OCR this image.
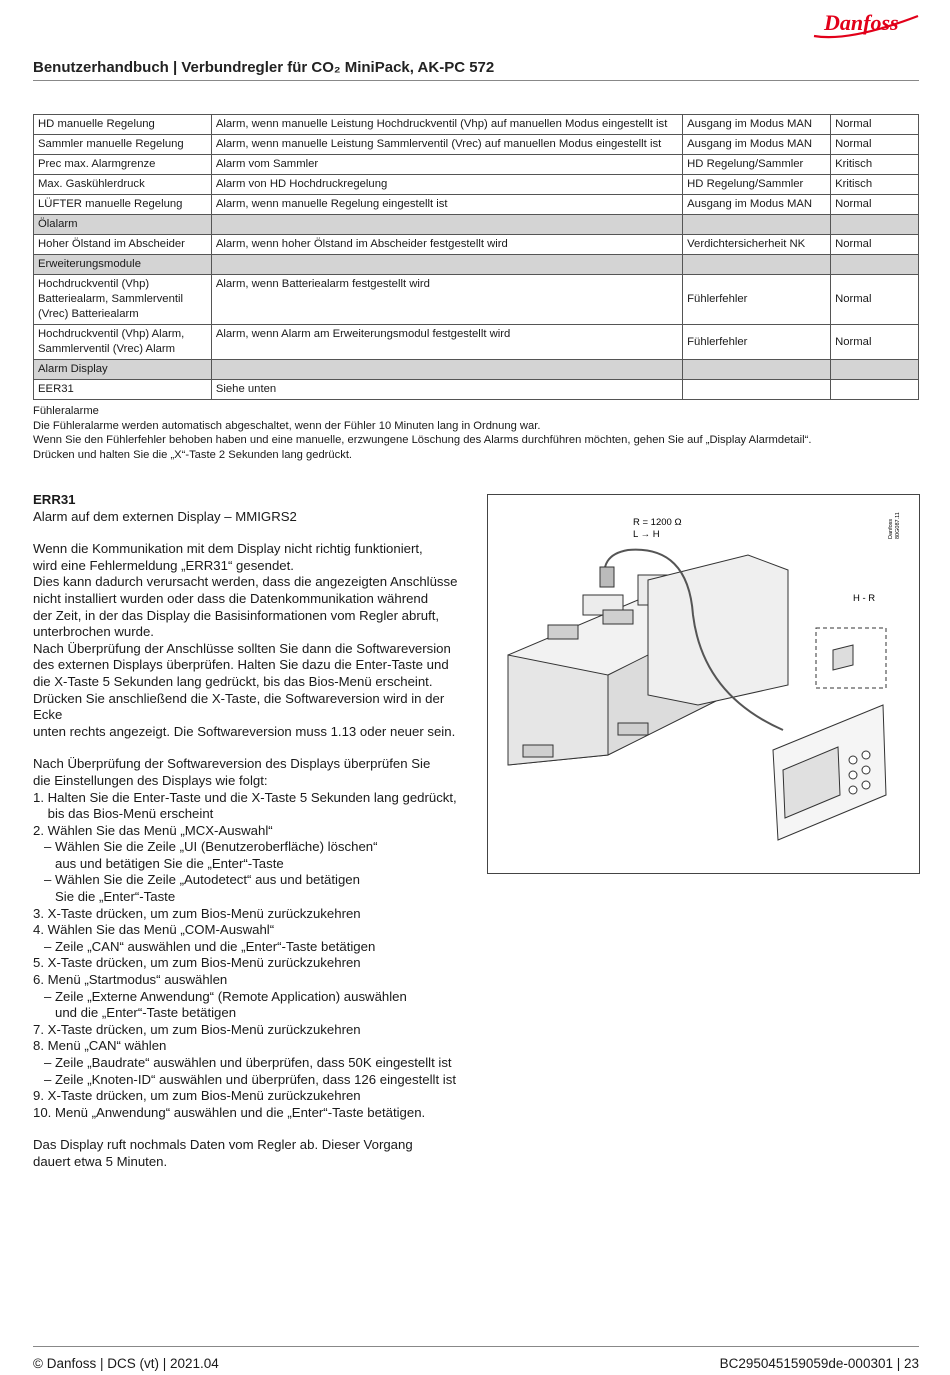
Danfoss
Benutzerhandbuch | Verbundregler für CO₂ MiniPack, AK-PC 572
HD manuelle Regelung	Alarm, wenn manuelle Leistung Hochdruckventil (Vhp) auf manuellen Modus eingestellt ist	Ausgang im Modus MAN	Normal
Sammler manuelle Regelung	Alarm, wenn manuelle Leistung Sammlerventil (Vrec) auf manuellen Modus eingestellt ist	Ausgang im Modus MAN	Normal
Prec max. Alarmgrenze	Alarm vom Sammler	HD Regelung/Sammler	Kritisch
Max. Gaskühlerdruck	Alarm von HD Hochdruckregelung	HD Regelung/Sammler	Kritisch
LÜFTER manuelle Regelung	Alarm, wenn manuelle Regelung eingestellt ist	Ausgang im Modus MAN	Normal
Ölalarm			
Hoher Ölstand im Abscheider	Alarm, wenn hoher Ölstand im Abscheider festgestellt wird	Verdichtersicherheit NK	Normal
Erweiterungsmodule			
Hochdruckventil (Vhp) Batteriealarm, Sammlerventil (Vrec) Batteriealarm	Alarm, wenn Batteriealarm festgestellt wird	Fühlerfehler	Normal
Hochdruckventil (Vhp) Alarm, Sammlerventil (Vrec) Alarm	Alarm, wenn Alarm am Erweiterungsmodul festgestellt wird	Fühlerfehler	Normal
Alarm Display			
EER31	Siehe unten		

Fühleralarme

Die Fühleralarme werden automatisch abgeschaltet, wenn der Fühler 10 Minuten lang in Ordnung war.

Wenn Sie den Fühlerfehler behoben haben und eine manuelle, erzwungene Löschung des Alarms durchführen möchten, gehen Sie auf „Display Alarmdetail“.

Drücken und halten Sie die „X“-Taste 2 Sekunden lang gedrückt.

ERR31

Alarm auf dem externen Display – MMIGRS2

Wenn die Kommunikation mit dem Display nicht richtig funktioniert,
wird eine Fehlermeldung „ERR31“ gesendet.
Dies kann dadurch verursacht werden, dass die angezeigten Anschlüsse
nicht installiert wurden oder dass die Datenkommunikation während
der Zeit, in der das Display die Basisinformationen vom Regler abruft,
unterbrochen wurde.
Nach Überprüfung der Anschlüsse sollten Sie dann die Softwareversion
des externen Displays überprüfen. Halten Sie dazu die Enter-Taste und
die X-Taste 5 Sekunden lang gedrückt, bis das Bios-Menü erscheint.
Drücken Sie anschließend die X-Taste, die Softwareversion wird in der Ecke
unten rechts angezeigt. Die Softwareversion muss 1.13 oder neuer sein.
Nach Überprüfung der Softwareversion des Displays überprüfen Sie
die Einstellungen des Displays wie folgt:
1. Halten Sie die Enter-Taste und die X-Taste 5 Sekunden lang gedrückt,
bis das Bios-Menü erscheint
2. Wählen Sie das Menü „MCX-Auswahl“
– Wählen Sie die Zeile „UI (Benutzeroberfläche) löschen“
aus und betätigen Sie die „Enter“-Taste
– Wählen Sie die Zeile „Autodetect“ aus und betätigen
Sie die „Enter“-Taste
3. X-Taste drücken, um zum Bios-Menü zurückzukehren
4. Wählen Sie das Menü „COM-Auswahl“
– Zeile „CAN“ auswählen und die „Enter“-Taste betätigen
5. X-Taste drücken, um zum Bios-Menü zurückzukehren
6. Menü „Startmodus“ auswählen
– Zeile „Externe Anwendung“ (Remote Application) auswählen
und die „Enter“-Taste betätigen
7. X-Taste drücken, um zum Bios-Menü zurückzukehren
8. Menü „CAN“ wählen
– Zeile „Baudrate“ auswählen und überprüfen, dass 50K eingestellt ist
– Zeile „Knoten-ID“ auswählen und überprüfen, dass 126 eingestellt ist
9. X-Taste drücken, um zum Bios-Menü zurückzukehren
10. Menü „Anwendung“ auswählen und die „Enter“-Taste betätigen.
Das Display ruft nochmals Daten vom Regler ab. Dieser Vorgang
dauert etwa 5 Minuten.
R = 1200 Ω
L → H
H - R
Danfoss 80G087.11
© Danfoss | DCS (vt) | 2021.04	BC295045159059de-000301 | 23
